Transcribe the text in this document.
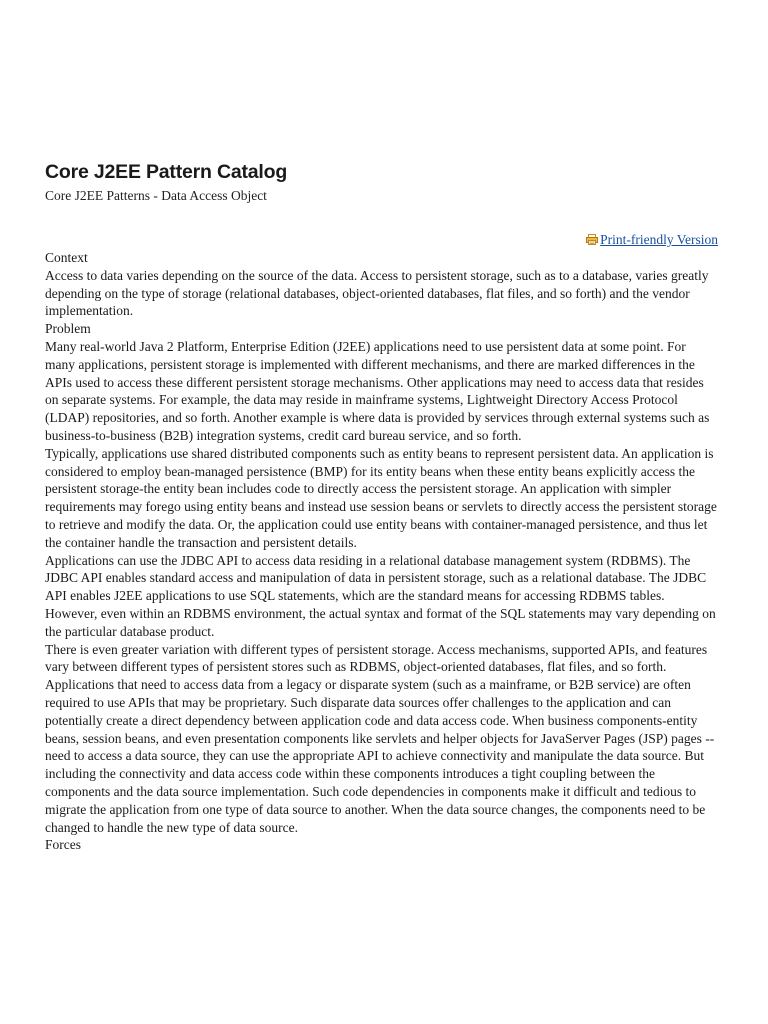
Core J2EE Pattern Catalog
Core J2EE Patterns - Data Access Object
Print-friendly Version

Context

Access to data varies depending on the source of the data. Access to persistent storage, such as to a database, varies greatly depending on the type of storage (relational databases, object-oriented databases, flat files, and so forth) and the vendor implementation.

Problem

Many real-world Java 2 Platform, Enterprise Edition (J2EE) applications need to use persistent data at some point. For many applications, persistent storage is implemented with different mechanisms, and there are marked differences in the APIs used to access these different persistent storage mechanisms. Other applications may need to access data that resides on separate systems. For example, the data may reside in mainframe systems, Lightweight Directory Access Protocol (LDAP) repositories, and so forth. Another example is where data is provided by services through external systems such as business-to-business (B2B) integration systems, credit card bureau service, and so forth.

Typically, applications use shared distributed components such as entity beans to represent persistent data. An application is considered to employ bean-managed persistence (BMP) for its entity beans when these entity beans explicitly access the persistent storage-the entity bean includes code to directly access the persistent storage. An application with simpler requirements may forego using entity beans and instead use session beans or servlets to directly access the persistent storage to retrieve and modify the data. Or, the application could use entity beans with container-managed persistence, and thus let the container handle the transaction and persistent details.

Applications can use the JDBC API to access data residing in a relational database management system (RDBMS). The JDBC API enables standard access and manipulation of data in persistent storage, such as a relational database. The JDBC API enables J2EE applications to use SQL statements, which are the standard means for accessing RDBMS tables. However, even within an RDBMS environment, the actual syntax and format of the SQL statements may vary depending on the particular database product.

There is even greater variation with different types of persistent storage. Access mechanisms, supported APIs, and features vary between different types of persistent stores such as RDBMS, object-oriented databases, flat files, and so forth. Applications that need to access data from a legacy or disparate system (such as a mainframe, or B2B service) are often required to use APIs that may be proprietary. Such disparate data sources offer challenges to the application and can potentially create a direct dependency between application code and data access code. When business components-entity beans, session beans, and even presentation components like servlets and helper objects for JavaServer Pages (JSP) pages --need to access a data source, they can use the appropriate API to achieve connectivity and manipulate the data source. But including the connectivity and data access code within these components introduces a tight coupling between the components and the data source implementation. Such code dependencies in components make it difficult and tedious to migrate the application from one type of data source to another. When the data source changes, the components need to be changed to handle the new type of data source.

Forces
